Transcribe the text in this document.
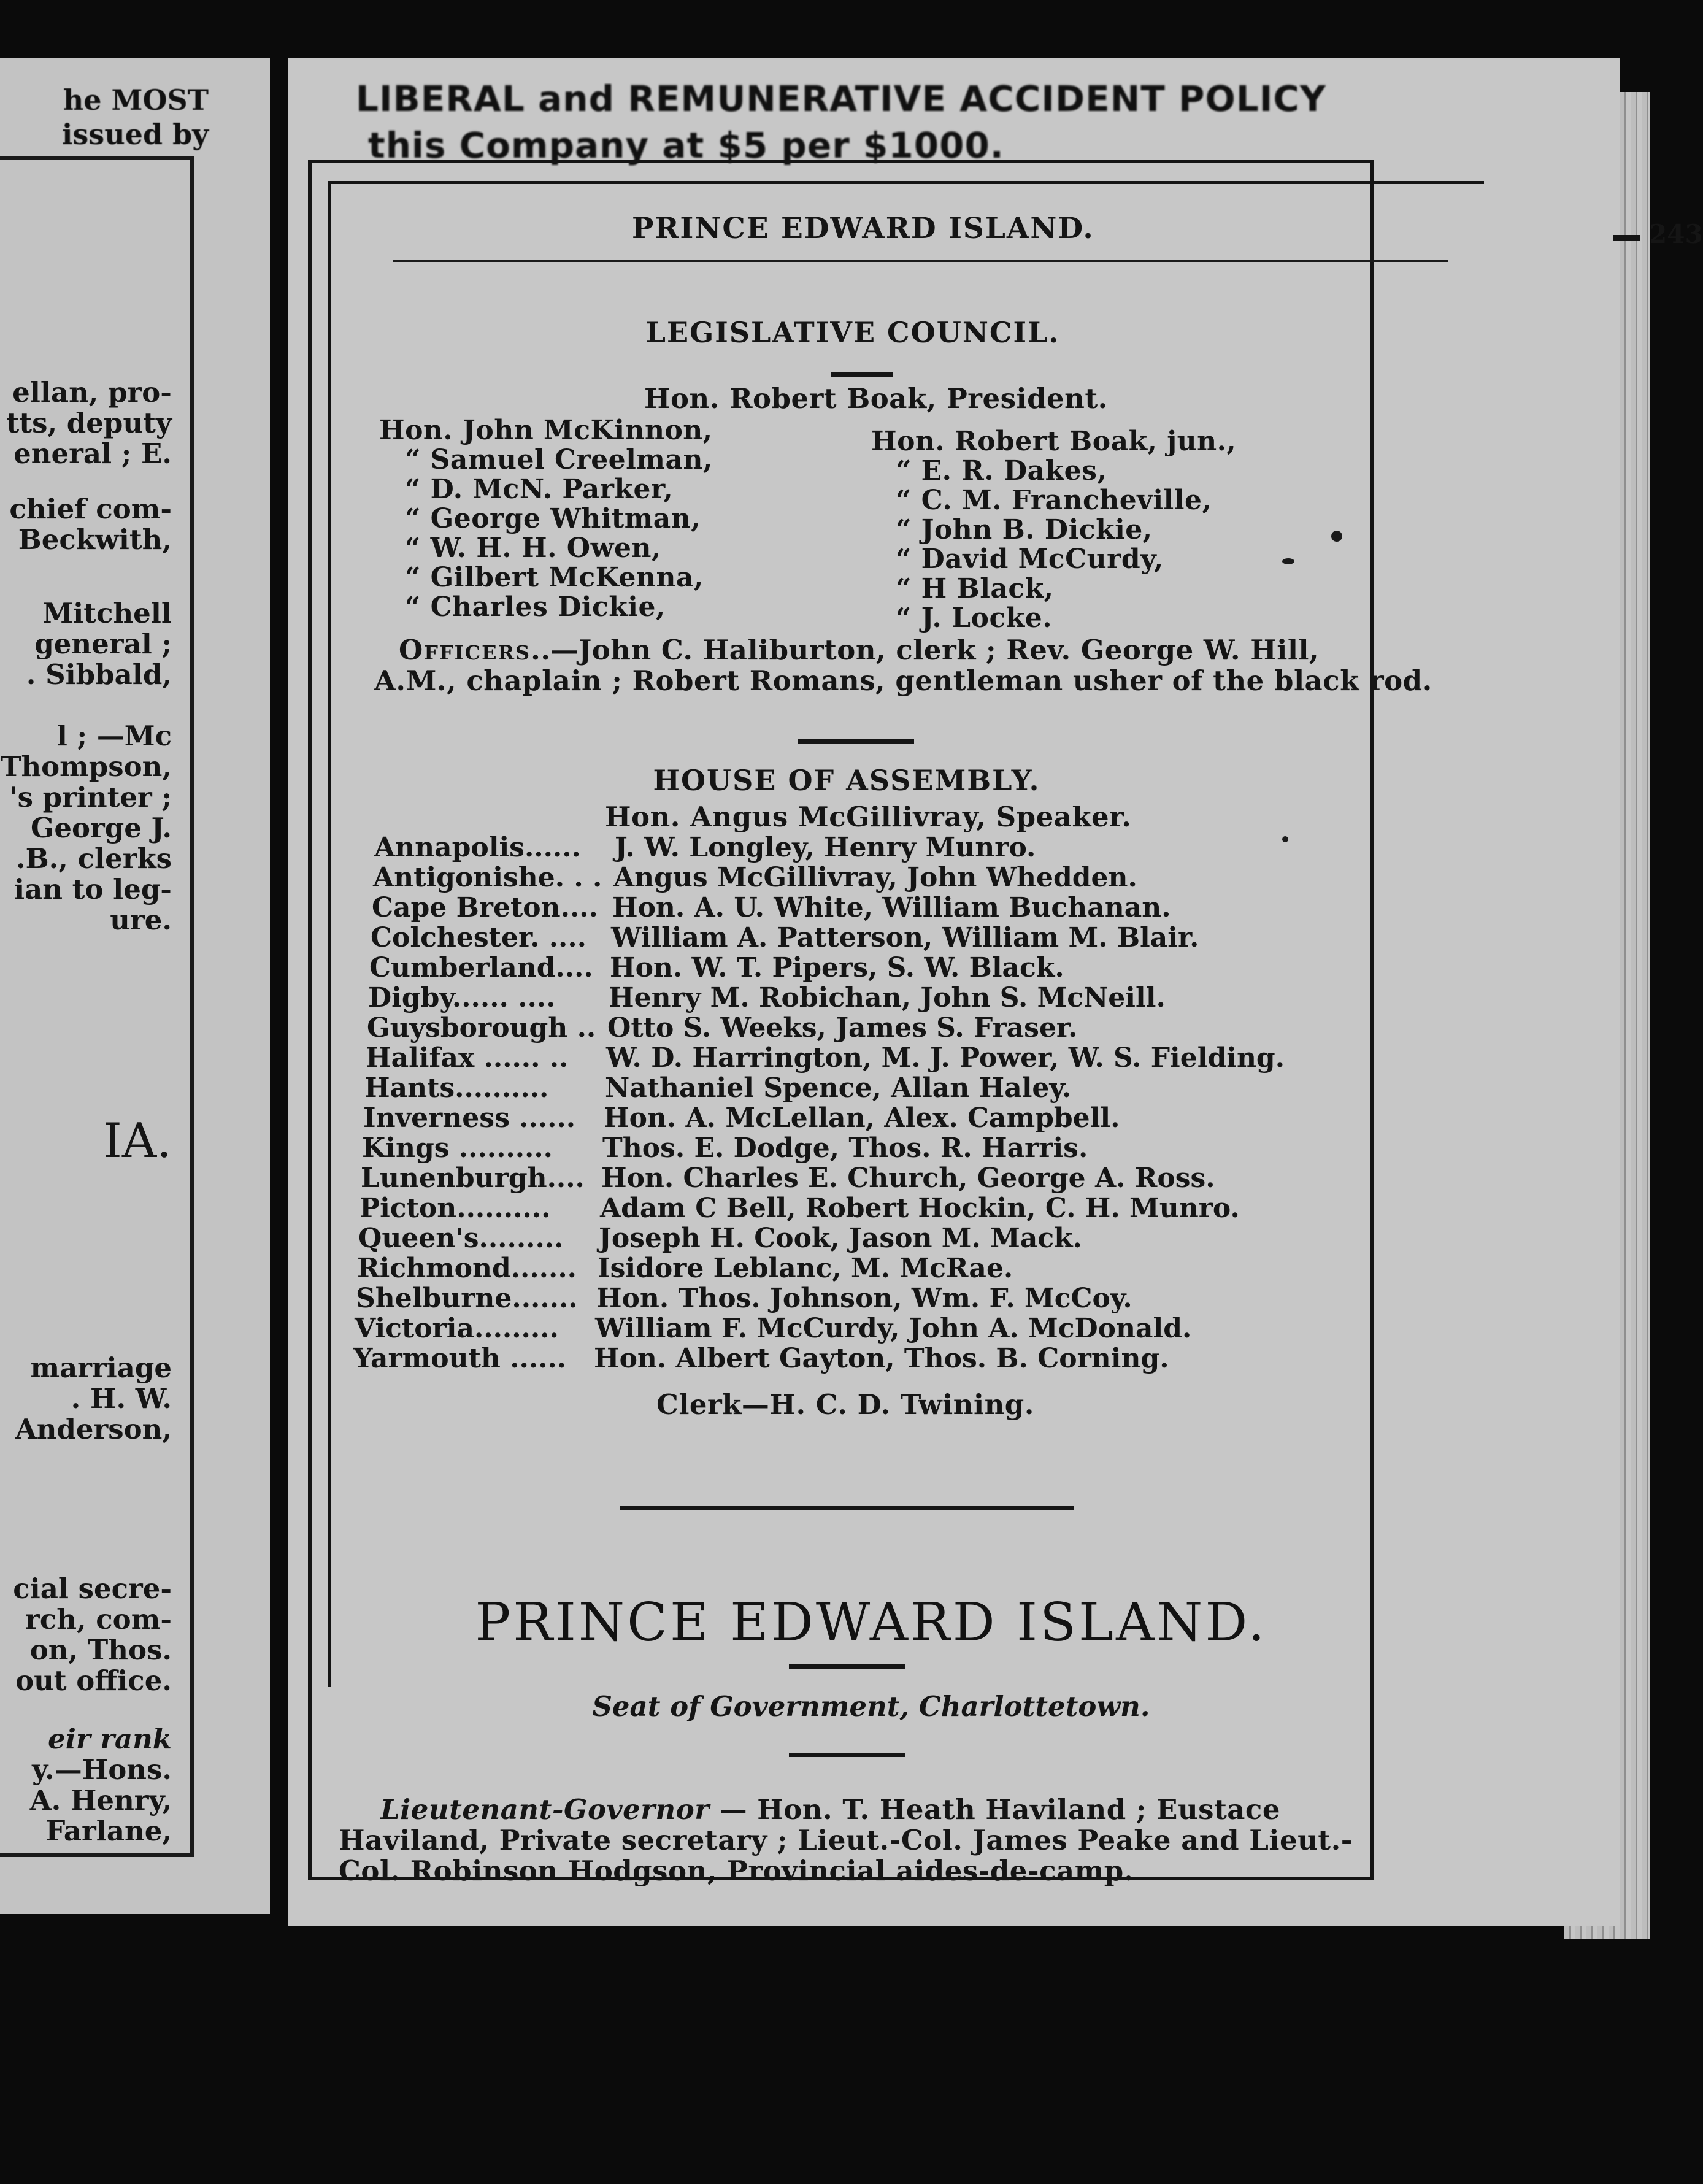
he MOST
issued by
ellan, pro-
tts, deputy
eneral ; E.
chief com-
Beckwith,
Mitchell
general ;
. Sibbald,
l ; —Mc
Thompson,
's printer ;
George J.
.B., clerks
ian to leg-
ure.
IA.
marriage
. H. W.
Anderson,
cial secre-
rch, com-
on, Thos.
out office.
eir rank
y.—Hons.
A. Henry,
Farlane,
LIBERAL and REMUNERATIVE ACCIDENT POLICY
this Company at $5 per $1000.
PRINCE EDWARD ISLAND.	243
LEGISLATIVE COUNCIL.
Hon. Robert Boak, President.
Hon. John McKinnon,
“ Samuel Creelman,
“ D. McN. Parker,
“ George Whitman,
“ W. H. H. Owen,
“ Gilbert McKenna,
“ Charles Dickie,
Hon. Robert Boak, jun.,
“ E. R. Dakes,
“ C. M. Francheville,
“ John B. Dickie,
“ David McCurdy,
“ H Black,
“ J. Locke.
Officers..—John C. Haliburton, clerk ; Rev. George W. Hill,
A.M., chaplain ; Robert Romans, gentleman usher of the black rod.
HOUSE OF ASSEMBLY.
Hon. Angus McGillivray, Speaker.
Annapolis...... J. W. Longley, Henry Munro.
Antigonishe. . . Angus McGillivray, John Whedden.
Cape Breton.... Hon. A. U. White, William Buchanan.
Colchester. .... William A. Patterson, William M. Blair.
Cumberland.... Hon. W. T. Pipers, S. W. Black.
Digby...... .... Henry M. Robichan, John S. McNeill.
Guysborough .. Otto S. Weeks, James S. Fraser.
Halifax ...... .. W. D. Harrington, M. J. Power, W. S. Fielding.
Hants.......... Nathaniel Spence, Allan Haley.
Inverness ...... Hon. A. McLellan, Alex. Campbell.
Kings .......... Thos. E. Dodge, Thos. R. Harris.
Lunenburgh.... Hon. Charles E. Church, George A. Ross.
Picton.......... Adam C Bell, Robert Hockin, C. H. Munro.
Queen's......... Joseph H. Cook, Jason M. Mack.
Richmond....... Isidore Leblanc, M. McRae.
Shelburne....... Hon. Thos. Johnson, Wm. F. McCoy.
Victoria......... William F. McCurdy, John A. McDonald.
Yarmouth ...... Hon. Albert Gayton, Thos. B. Corning.
Clerk—H. C. D. Twining.
PRINCE EDWARD ISLAND.
Seat of Government, Charlottetown.
Lieutenant-Governor — Hon. T. Heath Haviland ; Eustace
Haviland, Private secretary ; Lieut.-Col. James Peake and Lieut.-
Col. Robinson Hodgson, Provincial aides-de-camp.
